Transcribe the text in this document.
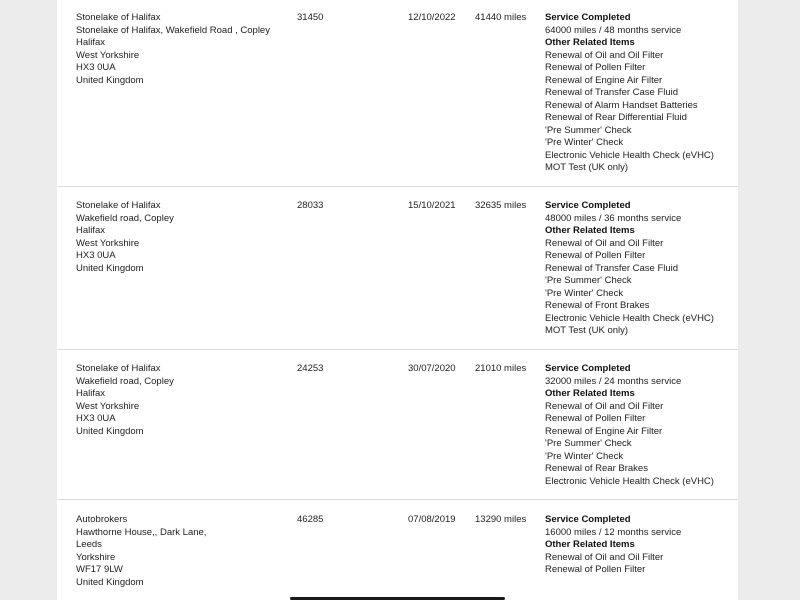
Stonelake of Halifax
Stonelake of Halifax, Wakefield Road , Copley
Halifax
West Yorkshire
HX3 0UA
United Kingdom
31450	12/10/2022	41440 miles	Service Completed
64000 miles / 48 months service
Other Related Items
Renewal of Oil and Oil Filter
Renewal of Pollen Filter
Renewal of Engine Air Filter
Renewal of Transfer Case Fluid
Renewal of Alarm Handset Batteries
Renewal of Rear Differential Fluid
'Pre Summer' Check
'Pre Winter' Check
Electronic Vehicle Health Check (eVHC)
MOT Test (UK only)
Stonelake of Halifax
Wakefield road, Copley
Halifax
West Yorkshire
HX3 0UA
United Kingdom
28033	15/10/2021	32635 miles	Service Completed
48000 miles / 36 months service
Other Related Items
Renewal of Oil and Oil Filter
Renewal of Pollen Filter
Renewal of Transfer Case Fluid
'Pre Summer' Check
'Pre Winter' Check
Renewal of Front Brakes
Electronic Vehicle Health Check (eVHC)
MOT Test (UK only)
Stonelake of Halifax
Wakefield road, Copley
Halifax
West Yorkshire
HX3 0UA
United Kingdom
24253	30/07/2020	21010 miles	Service Completed
32000 miles / 24 months service
Other Related Items
Renewal of Oil and Oil Filter
Renewal of Pollen Filter
Renewal of Engine Air Filter
'Pre Summer' Check
'Pre Winter' Check
Renewal of Rear Brakes
Electronic Vehicle Health Check (eVHC)
Autobrokers
Hawthorne House,, Dark Lane,
Leeds
Yorkshire
WF17 9LW
United Kingdom
46285	07/08/2019	13290 miles	Service Completed
16000 miles / 12 months service
Other Related Items
Renewal of Oil and Oil Filter
Renewal of Pollen Filter
